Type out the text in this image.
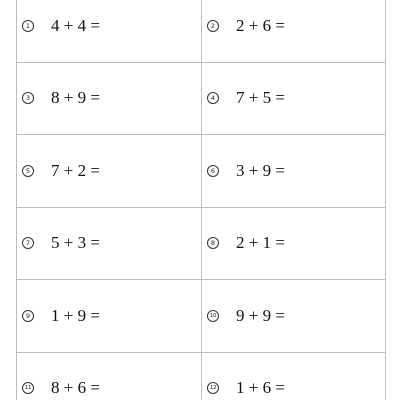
1 4 + 4 =	2 2 + 6 =
3 8 + 9 =	4 7 + 5 =
5 7 + 2 =	6 3 + 9 =
7 5 + 3 =	8 2 + 1 =
9 1 + 9 =	10 9 + 9 =
11 8 + 6 =	12 1 + 6 =
